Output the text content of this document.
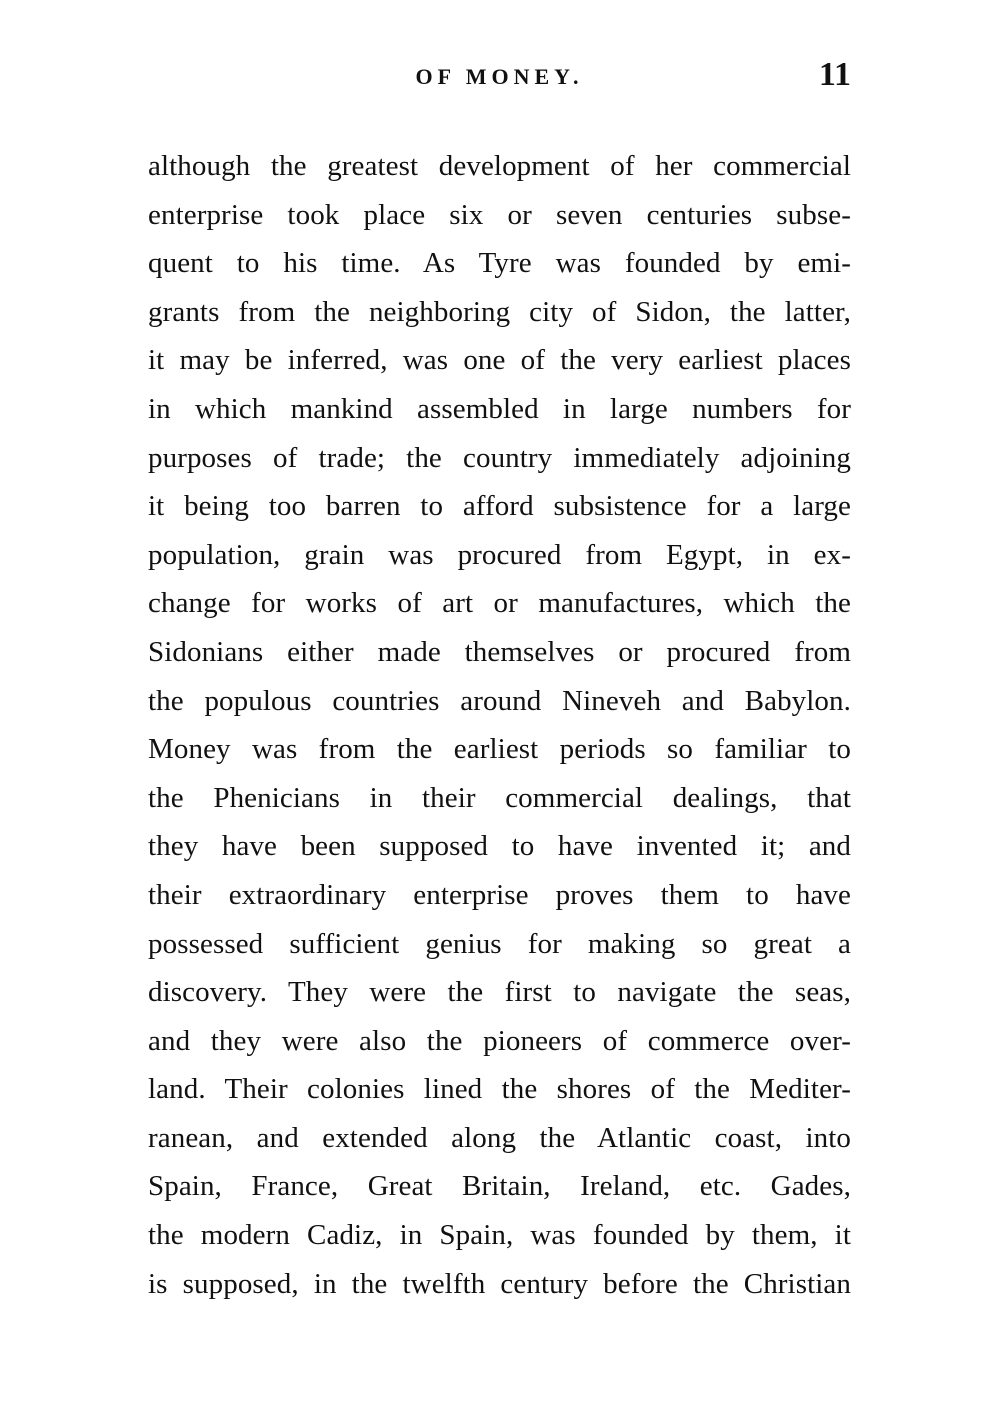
OF MONEY.	11
although the greatest development of her commercial
enterprise took place six or seven centuries subse-
quent to his time. As Tyre was founded by emi-
grants from the neighboring city of Sidon, the latter,
it may be inferred, was one of the very earliest places
in which mankind assembled in large numbers for
purposes of trade; the country immediately adjoining
it being too barren to afford subsistence for a large
population, grain was procured from Egypt, in ex-
change for works of art or manufactures, which the
Sidonians either made themselves or procured from
the populous countries around Nineveh and Babylon.
Money was from the earliest periods so familiar to
the Phenicians in their commercial dealings, that
they have been supposed to have invented it; and
their extraordinary enterprise proves them to have
possessed sufficient genius for making so great a
discovery. They were the first to navigate the seas,
and they were also the pioneers of commerce over-
land. Their colonies lined the shores of the Mediter-
ranean, and extended along the Atlantic coast, into
Spain, France, Great Britain, Ireland, etc. Gades,
the modern Cadiz, in Spain, was founded by them, it
is supposed, in the twelfth century before the Christian
